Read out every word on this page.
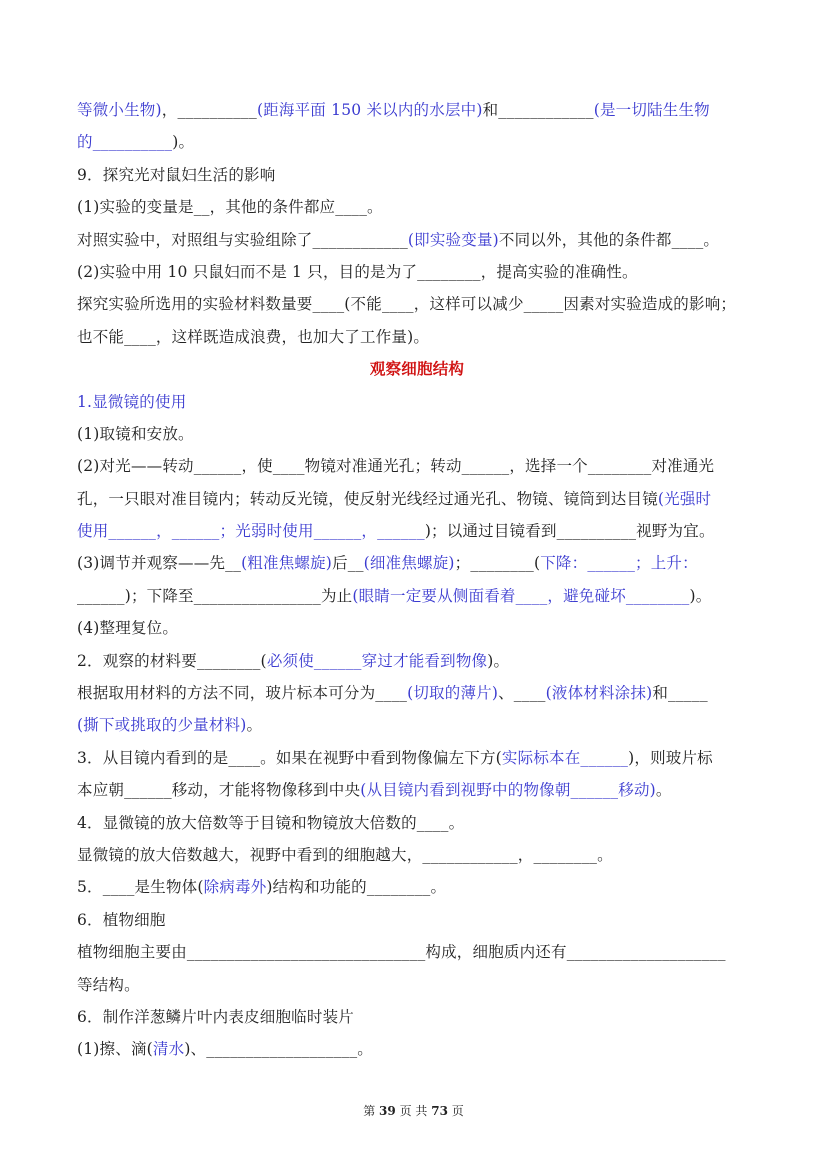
等微小生物)，__________(距海平面 150 米以内的水层中)和____________(是一切陆生生物
的__________)。
9．探究光对鼠妇生活的影响
(1)实验的变量是__，其他的条件都应____。
对照实验中，对照组与实验组除了____________(即实验变量)不同以外，其他的条件都____。
(2)实验中用 10 只鼠妇而不是 1 只，目的是为了________，提高实验的准确性。
探究实验所选用的实验材料数量要____(不能____，这样可以减少_____因素对实验造成的影响；
也不能____，这样既造成浪费，也加大了工作量)。
观察细胞结构
1.显微镜的使用
(1)取镜和安放。
(2)对光——转动______，使____物镜对准通光孔；转动______，选择一个________对准通光
孔，一只眼对准目镜内；转动反光镜，使反射光线经过通光孔、物镜、镜筒到达目镜(光强时
使用______，______；光弱时使用______，______)；以通过目镜看到__________视野为宜。
(3)调节并观察——先__(粗准焦螺旋)后__(细准焦螺旋)；________(下降：______；上升：
______)；下降至________________为止(眼睛一定要从侧面看着____，避免碰坏________)。
(4)整理复位。
2．观察的材料要________(必须使______穿过才能看到物像)。
根据取用材料的方法不同，玻片标本可分为____(切取的薄片)、____(液体材料涂抹)和_____
(撕下或挑取的少量材料)。
3．从目镜内看到的是____。如果在视野中看到物像偏左下方(实际标本在______)，则玻片标
本应朝______移动，才能将物像移到中央(从目镜内看到视野中的物像朝______移动)。
4．显微镜的放大倍数等于目镜和物镜放大倍数的____。
显微镜的放大倍数越大，视野中看到的细胞越大，____________，________。
5．____是生物体(除病毒外)结构和功能的________。
6．植物细胞
植物细胞主要由______________________________构成，细胞质内还有____________________
等结构。
6．制作洋葱鳞片叶内表皮细胞临时装片
(1)擦、滴(清水)、___________________。
第 39 页 共 73 页
